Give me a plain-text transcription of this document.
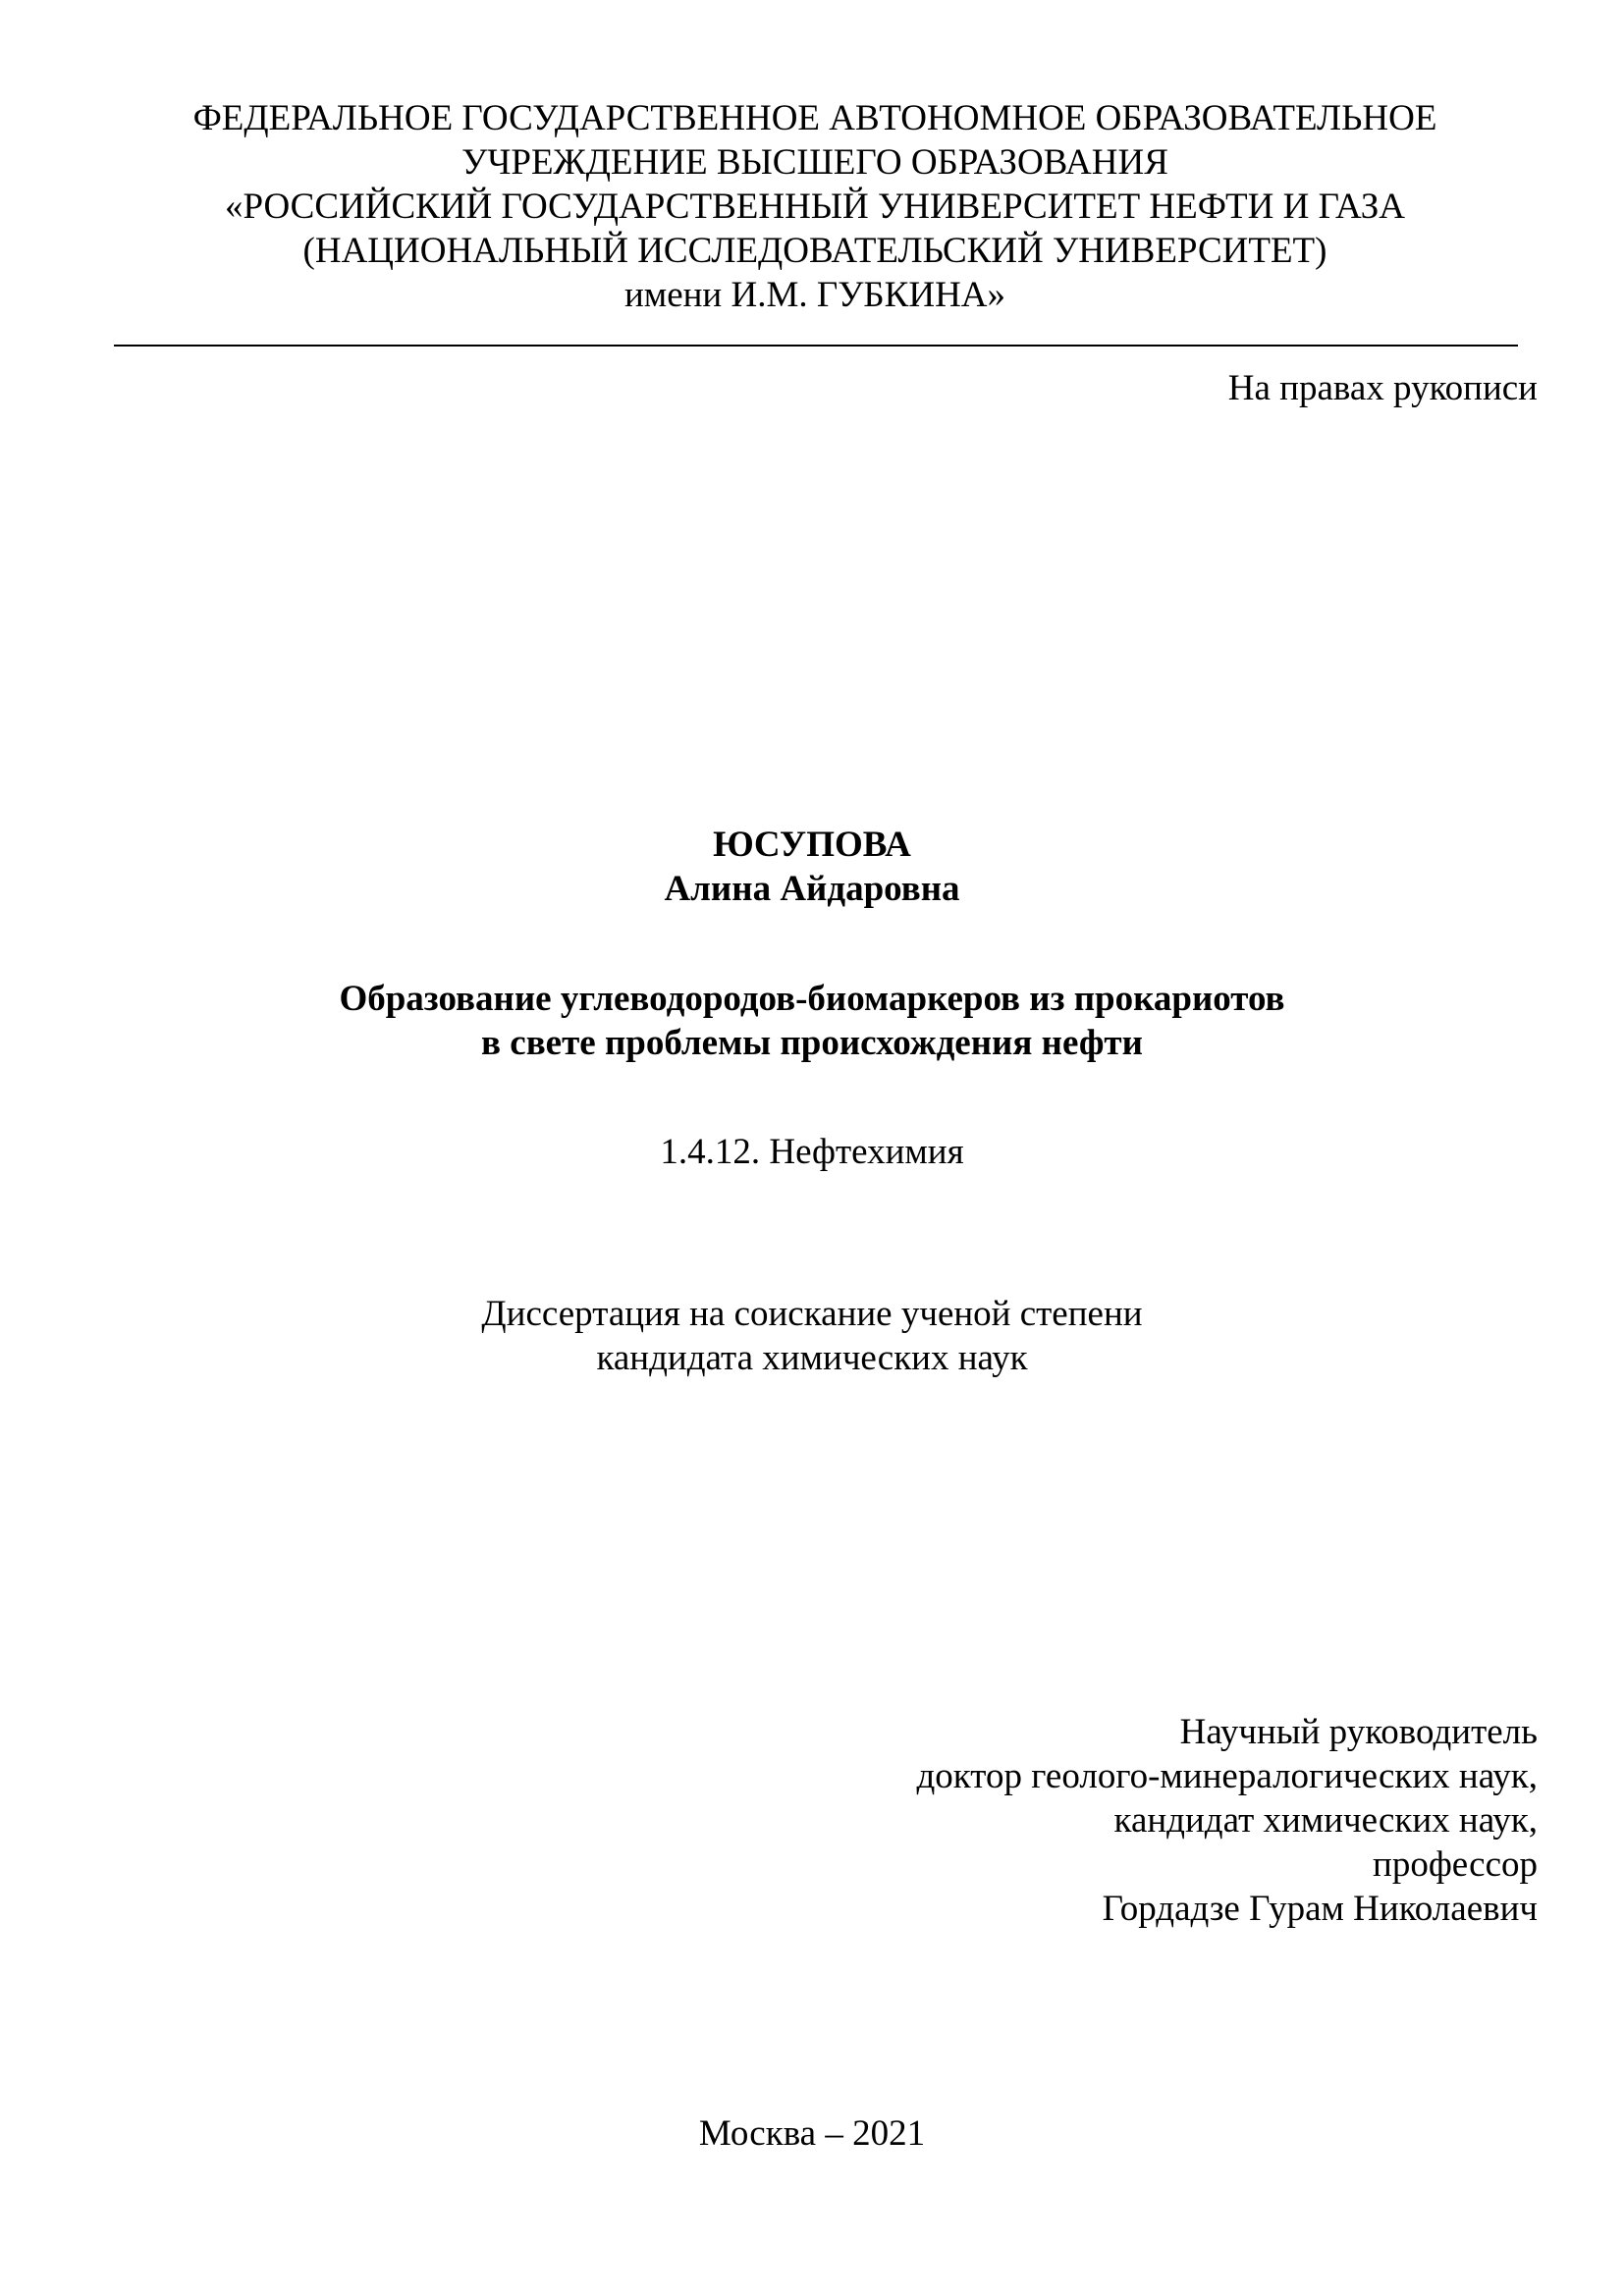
ФЕДЕРАЛЬНОЕ ГОСУДАРСТВЕННОЕ АВТОНОМНОЕ ОБРАЗОВАТЕЛЬНОЕ
УЧРЕЖДЕНИЕ ВЫСШЕГО ОБРАЗОВАНИЯ
«РОССИЙСКИЙ ГОСУДАРСТВЕННЫЙ УНИВЕРСИТЕТ НЕФТИ И ГАЗА
(НАЦИОНАЛЬНЫЙ ИССЛЕДОВАТЕЛЬСКИЙ УНИВЕРСИТЕТ)
имени И.М. ГУБКИНА»
На правах рукописи
ЮСУПОВА
Алина Айдаровна
Образование углеводородов-биомаркеров из прокариотов
в свете проблемы происхождения нефти
1.4.12. Нефтехимия
Диссертация на соискание ученой степени
кандидата химических наук
Научный руководитель
доктор геолого-минералогических наук,
кандидат химических наук,
профессор
Гордадзе Гурам Николаевич
Москва – 2021
